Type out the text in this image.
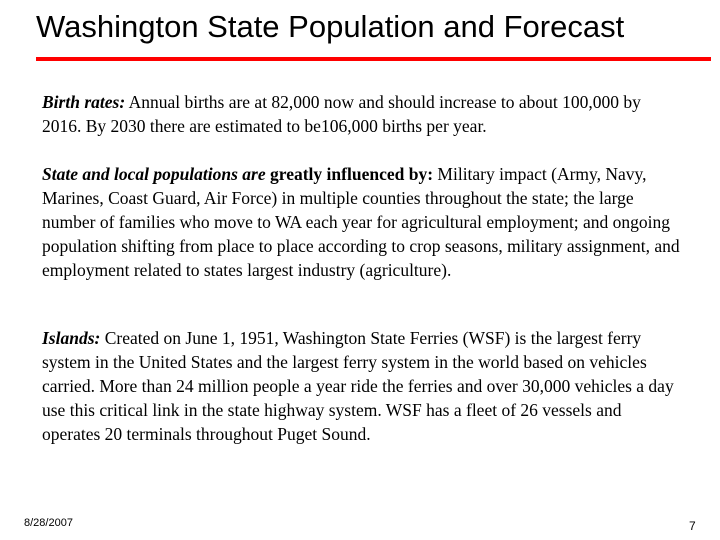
Washington State Population and Forecast
Birth rates: Annual births are at 82,000 now and should increase to about 100,000 by 2016. By 2030 there are estimated to be106,000 births per year.
State and local populations are greatly influenced by: Military impact (Army, Navy, Marines, Coast Guard, Air Force) in multiple counties throughout the state; the large number of families who move to WA each year for agricultural employment; and ongoing population shifting from place to place according to crop seasons, military assignment, and employment related to states largest industry (agriculture).
Islands: Created on June 1, 1951, Washington State Ferries (WSF) is the largest ferry system in the United States and the largest ferry system in the world based on vehicles carried. More than 24 million people a year ride the ferries and over 30,000 vehicles a day use this critical link in the state highway system. WSF has a fleet of 26 vessels and operates 20 terminals throughout Puget Sound.
8/28/2007	7
